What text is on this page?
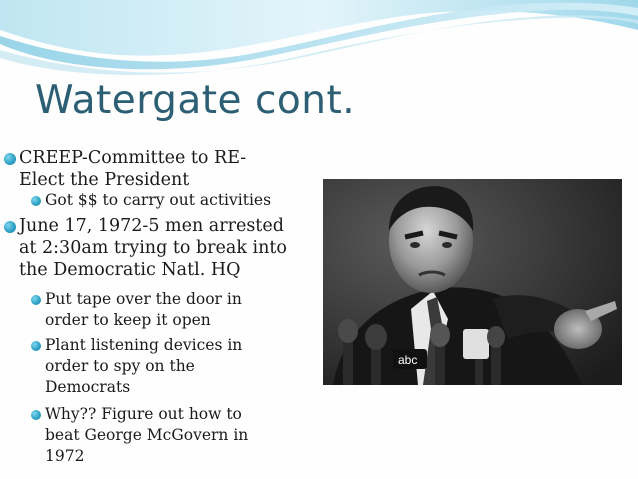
Watergate cont.
CREEP-Committee to RE-
Elect the President
Got $$ to carry out activities
June 17, 1972-5 men arrested
at 2:30am trying to break into
the Democratic Natl. HQ
Put tape over the door in
order to keep it open
Plant listening devices in
order to spy on the
Democrats
Why?? Figure out how to
beat George McGovern in
1972
abc
